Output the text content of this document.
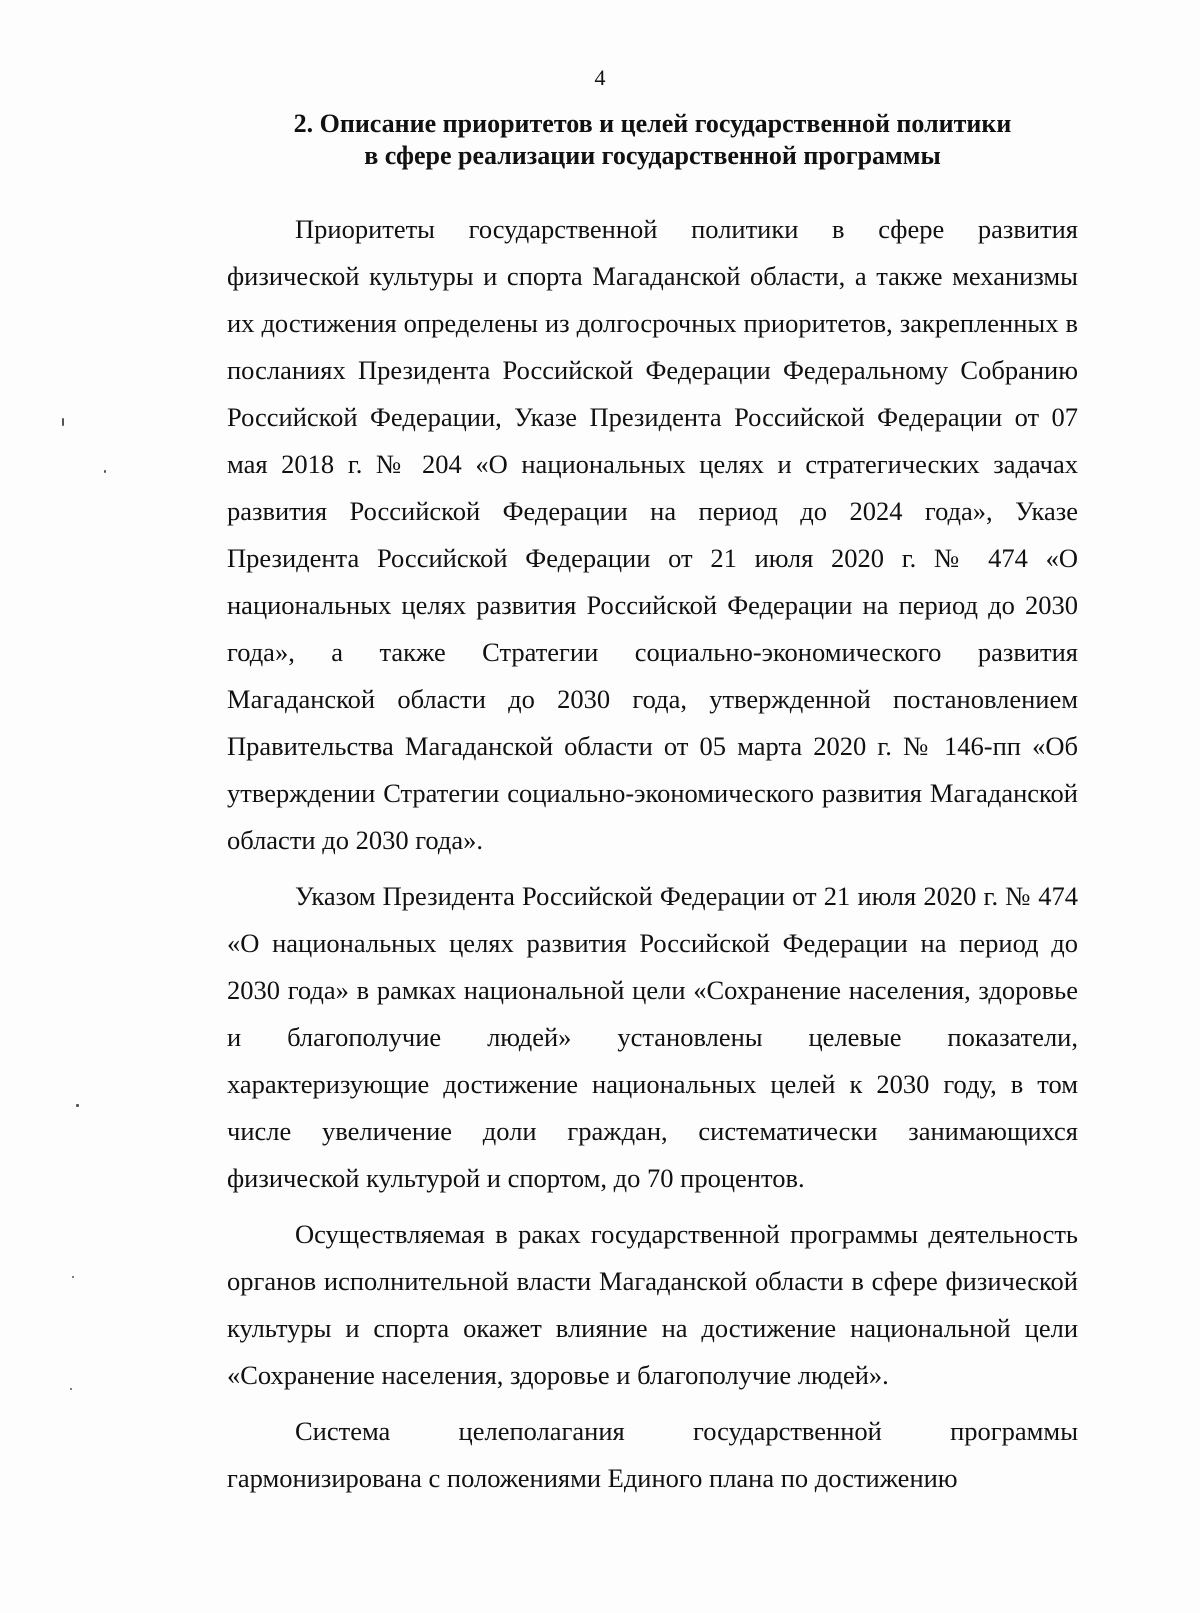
4
2. Описание приоритетов и целей государственной политики
в сфере реализации государственной программы

Приоритеты государственной политики в сфере развития физической культуры и спорта Магаданской области, а также механизмы их достижения определены из долгосрочных приоритетов, закрепленных в посланиях Президента Российской Федерации Федеральному Собранию Российской Федерации, Указе Президента Российской Федерации от 07 мая 2018 г. № 204 «О национальных целях и стратегических задачах развития Российской Федерации на период до 2024 года», Указе Президента Российской Федерации от 21 июля 2020 г. № 474 «О национальных целях развития Российской Федерации на период до 2030 года», а также Стратегии социально-экономического развития Магаданской области до 2030 года, утвержденной постановлением Правительства Магаданской области от 05 марта 2020 г. № 146-пп «Об утверждении Стратегии социально-экономического развития Магаданской области до 2030 года».

Указом Президента Российской Федерации от 21 июля 2020 г. № 474 «О национальных целях развития Российской Федерации на период до 2030 года» в рамках национальной цели «Сохранение населения, здоровье и благополучие людей» установлены целевые показатели, характеризующие достижение национальных целей к 2030 году, в том числе увеличение доли граждан, систематически занимающихся физической культурой и спортом, до 70 процентов.

Осуществляемая в раках государственной программы деятельность органов исполнительной власти Магаданской области в сфере физической культуры и спорта окажет влияние на достижение национальной цели «Сохранение населения, здоровье и благополучие людей».

Система целеполагания государственной программы гармонизирована с положениями Единого плана по достижению
